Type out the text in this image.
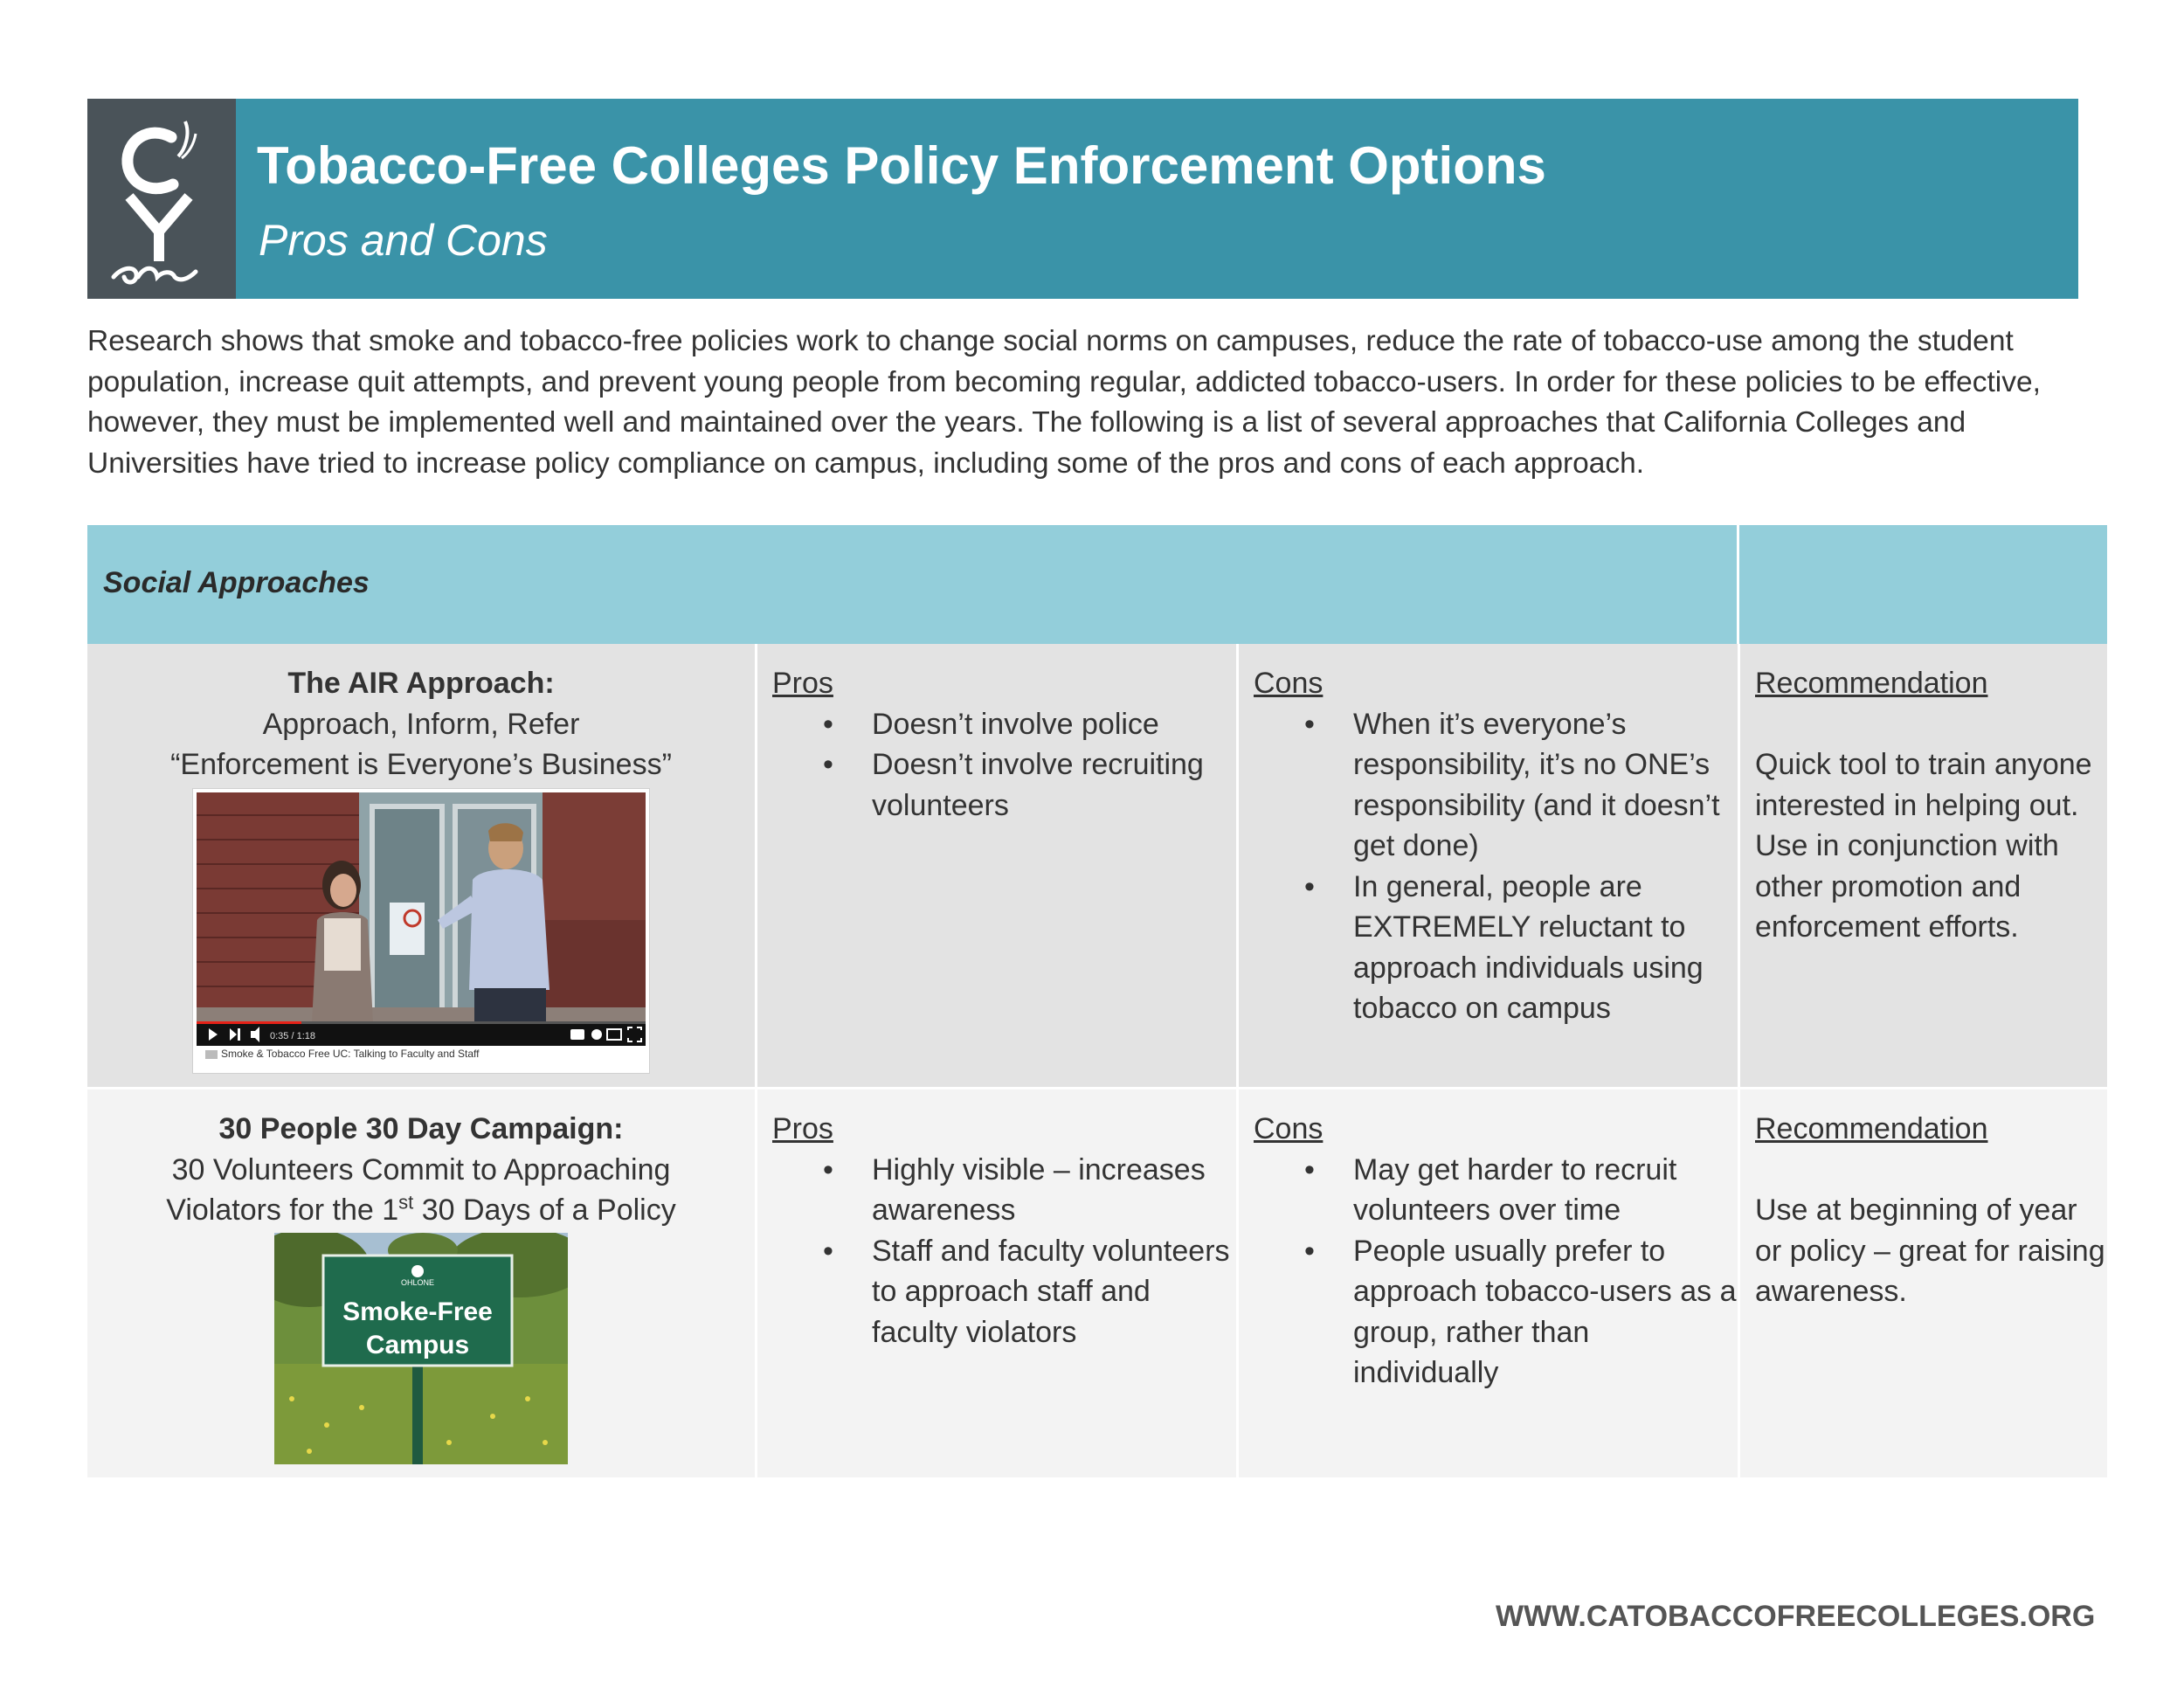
Tobacco-Free Colleges Policy Enforcement Options
Pros and Cons
Research shows that smoke and tobacco-free policies work to change social norms on campuses, reduce the rate of tobacco-use among the student population, increase quit attempts, and prevent young people from becoming regular, addicted tobacco-users. In order for these policies to be effective, however, they must be implemented well and maintained over the years. The following is a list of several approaches that California Colleges and Universities have tried to increase policy compliance on campus, including some of the pros and cons of each approach.
Social Approaches
The AIR Approach:
Approach, Inform, Refer
“Enforcement is Everyone’s Business”
0:35 / 1:18
Smoke & Tobacco Free UC: Talking to Faculty and Staff
Pros
• Doesn’t involve police
• Doesn’t involve recruiting volunteers
Cons
• When it’s everyone’s responsibility, it’s no ONE’s responsibility (and it doesn’t get done)
• In general, people are EXTREMELY reluctant to approach individuals using tobacco on campus
Recommendation
Quick tool to train anyone interested in helping out. Use in conjunction with other promotion and enforcement efforts.
30 People 30 Day Campaign:
30 Volunteers Commit to Approaching
Violators for the 1st 30 Days of a Policy
OHLONE
Smoke-Free
Campus
Pros
• Highly visible – increases awareness
• Staff and faculty volunteers to approach staff and faculty violators
Cons
• May get harder to recruit volunteers over time
• People usually prefer to approach tobacco-users as a group, rather than individually
Recommendation
Use at beginning of year or policy – great for raising awareness.
WWW.CATOBACCOFREECOLLEGES.ORG
